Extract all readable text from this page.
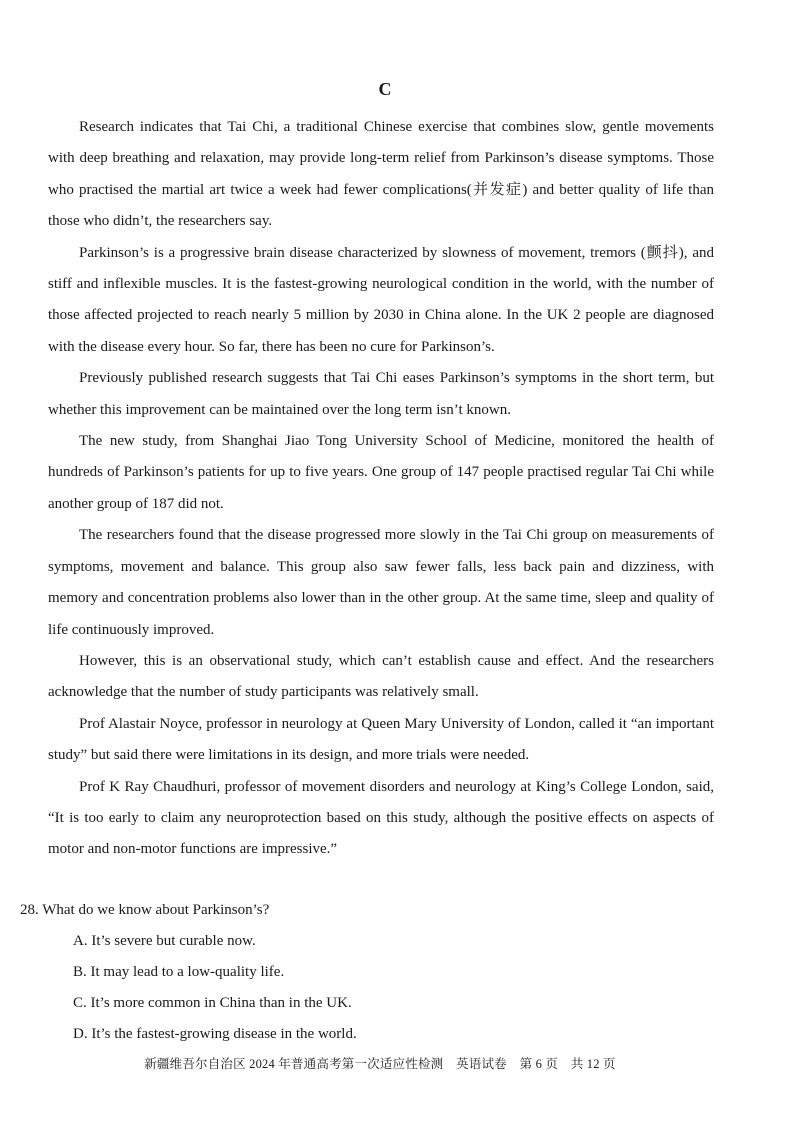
C

Research indicates that Tai Chi, a traditional Chinese exercise that combines slow, gentle movements with deep breathing and relaxation, may provide long-term relief from Parkinson’s disease symptoms. Those who practised the martial art twice a week had fewer complications(并发症) and better quality of life than those who didn’t, the researchers say.

Parkinson’s is a progressive brain disease characterized by slowness of movement, tremors (颤抖), and stiff and inflexible muscles. It is the fastest-growing neurological condition in the world, with the number of those affected projected to reach nearly 5 million by 2030 in China alone. In the UK 2 people are diagnosed with the disease every hour. So far, there has been no cure for Parkinson’s.

Previously published research suggests that Tai Chi eases Parkinson’s symptoms in the short term, but whether this improvement can be maintained over the long term isn’t known.

The new study, from Shanghai Jiao Tong University School of Medicine, monitored the health of hundreds of Parkinson’s patients for up to five years. One group of 147 people practised regular Tai Chi while another group of 187 did not.

The researchers found that the disease progressed more slowly in the Tai Chi group on measurements of symptoms, movement and balance. This group also saw fewer falls, less back pain and dizziness, with memory and concentration problems also lower than in the other group. At the same time, sleep and quality of life continuously improved.

However, this is an observational study, which can’t establish cause and effect. And the researchers acknowledge that the number of study participants was relatively small.

Prof Alastair Noyce, professor in neurology at Queen Mary University of London, called it “an important study” but said there were limitations in its design, and more trials were needed.

Prof K Ray Chaudhuri, professor of movement disorders and neurology at King’s College London, said, “It is too early to claim any neuroprotection based on this study, although the positive effects on aspects of motor and non-motor functions are impressive.”

28. What do we know about Parkinson’s?

A. It’s severe but curable now.

B. It may lead to a low-quality life.

C. It’s more common in China than in the UK.

D. It’s the fastest-growing disease in the world.

新疆维吾尔自治区 2024 年普通高考第一次适应性检测　英语试卷　第 6 页　共 12 页
